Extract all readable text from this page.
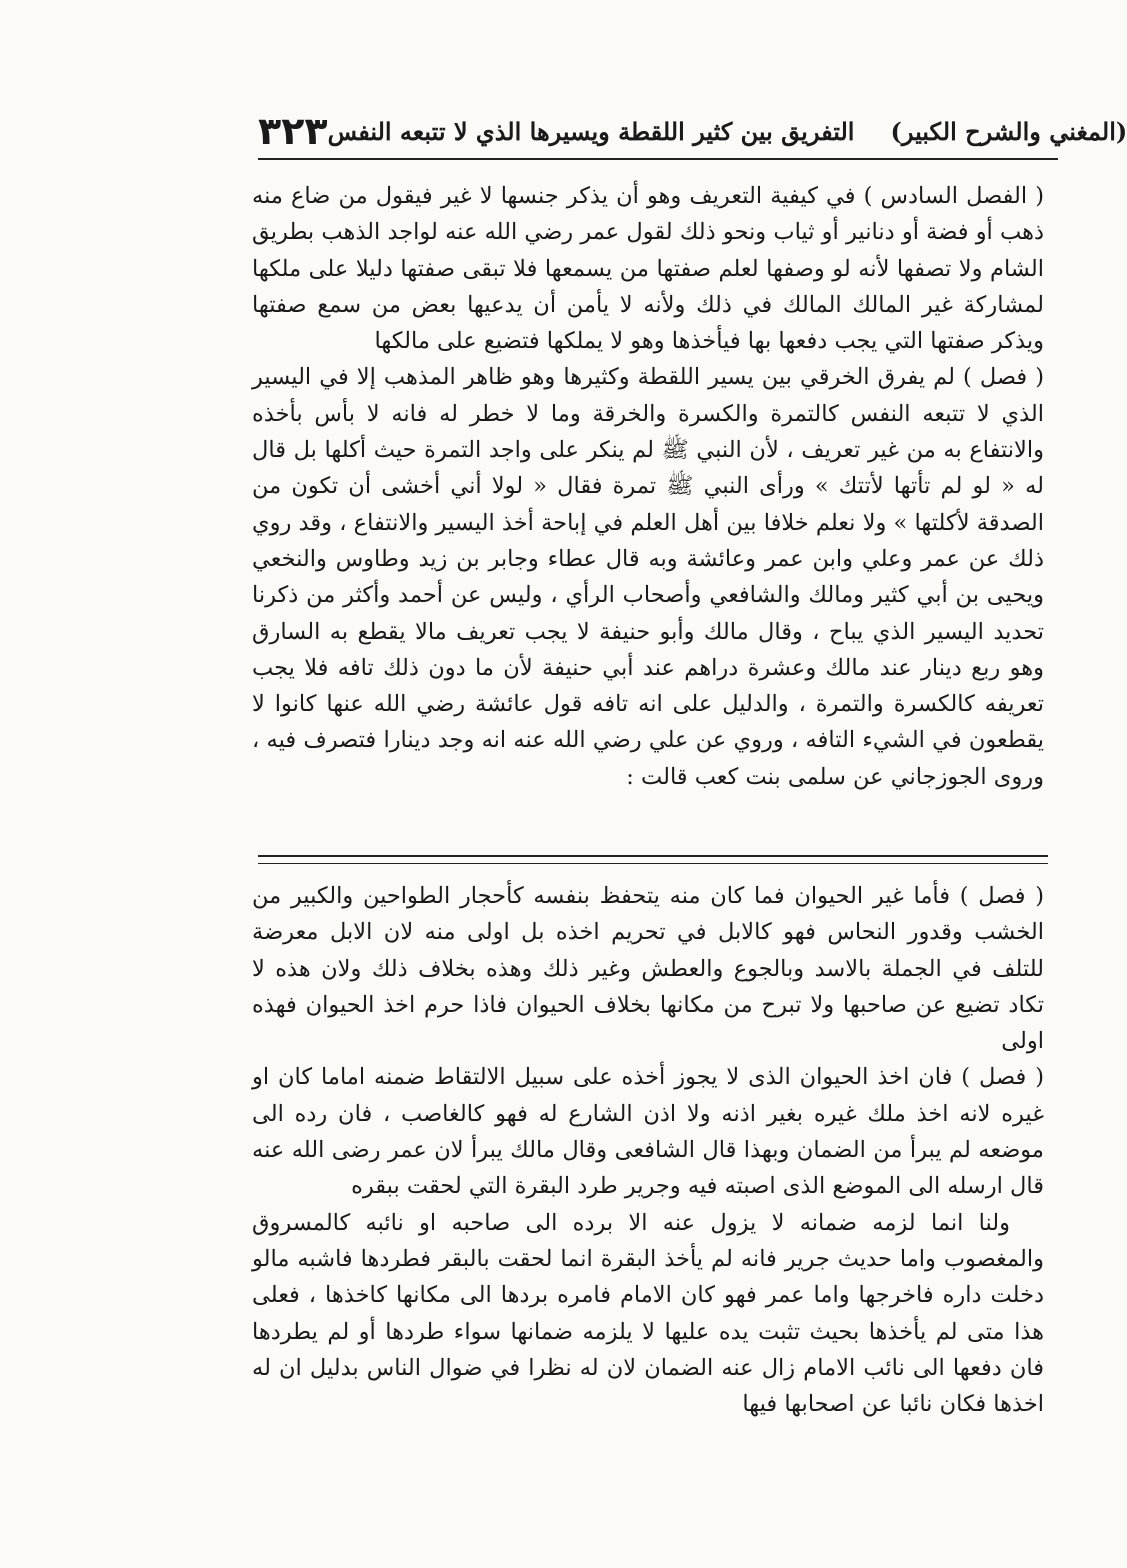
٣٢٣	(المغني والشرح الكبير)التفريق بين كثير اللقطة ويسيرها الذي لا تتبعه النفس

( الفصل السادس ) في كيفية التعريف وهو أن يذكر جنسها لا غير فيقول من ضاع منه ذهب أو فضة أو دنانير أو ثياب ونحو ذلك لقول عمر رضي الله عنه لواجد الذهب بطريق الشام ولا تصفها لأنه لو وصفها لعلم صفتها من يسمعها فلا تبقى صفتها دليلا على ملكها لمشاركة غير المالك المالك في ذلك ولأنه لا يأمن أن يدعيها بعض من سمع صفتها ويذكر صفتها التي يجب دفعها بها فيأخذها وهو لا يملكها فتضيع على مالكها

( فصل ) لم يفرق الخرقي بين يسير اللقطة وكثيرها وهو ظاهر المذهب إلا في اليسير الذي لا تتبعه النفس كالتمرة والكسرة والخرقة وما لا خطر له فانه لا بأس بأخذه والانتفاع به من غير تعريف ، لأن النبي ﷺ لم ينكر على واجد التمرة حيث أكلها بل قال له « لو لم تأتها لأتتك » ورأى النبي ﷺ تمرة فقال « لولا أني أخشى أن تكون من الصدقة لأكلتها » ولا نعلم خلافا بين أهل العلم في إباحة أخذ اليسير والانتفاع ، وقد روي ذلك عن عمر وعلي وابن عمر وعائشة وبه قال عطاء وجابر بن زيد وطاوس والنخعي ويحيى بن أبي كثير ومالك والشافعي وأصحاب الرأي ، وليس عن أحمد وأكثر من ذكرنا تحديد اليسير الذي يباح ، وقال مالك وأبو حنيفة لا يجب تعريف مالا يقطع به السارق وهو ربع دينار عند مالك وعشرة دراهم عند أبي حنيفة لأن ما دون ذلك تافه فلا يجب تعريفه كالكسرة والتمرة ، والدليل على انه تافه قول عائشة رضي الله عنها كانوا لا يقطعون في الشيء التافه ، وروي عن علي رضي الله عنه انه وجد دينارا فتصرف فيه ، وروى الجوزجاني عن سلمى بنت كعب قالت :

( فصل ) فأما غير الحيوان فما كان منه يتحفظ بنفسه كأحجار الطواحين والكبير من الخشب وقدور النحاس فهو كالابل في تحريم اخذه بل اولى منه لان الابل معرضة للتلف في الجملة بالاسد وبالجوع والعطش وغير ذلك وهذه بخلاف ذلك ولان هذه لا تكاد تضيع عن صاحبها ولا تبرح من مكانها بخلاف الحيوان فاذا حرم اخذ الحيوان فهذه اولى

( فصل ) فان اخذ الحيوان الذى لا يجوز أخذه على سبيل الالتقاط ضمنه اماما كان او غيره لانه اخذ ملك غيره بغير اذنه ولا اذن الشارع له فهو كالغاصب ، فان رده الى موضعه لم يبرأ من الضمان وبهذا قال الشافعى وقال مالك يبرأ لان عمر رضى الله عنه قال ارسله الى الموضع الذى اصبته فيه وجرير طرد البقرة التي لحقت ببقره

ولنا انما لزمه ضمانه لا يزول عنه الا برده الى صاحبه او نائبه كالمسروق والمغصوب واما حديث جرير فانه لم يأخذ البقرة انما لحقت بالبقر فطردها فاشبه مالو دخلت داره فاخرجها واما عمر فهو كان الامام فامره بردها الى مكانها كاخذها ، فعلى هذا متى لم يأخذها بحيث تثبت يده عليها لا يلزمه ضمانها سواء طردها أو لم يطردها فان دفعها الى نائب الامام زال عنه الضمان لان له نظرا في ضوال الناس بدليل ان له اخذها فكان نائبا عن اصحابها فيها
